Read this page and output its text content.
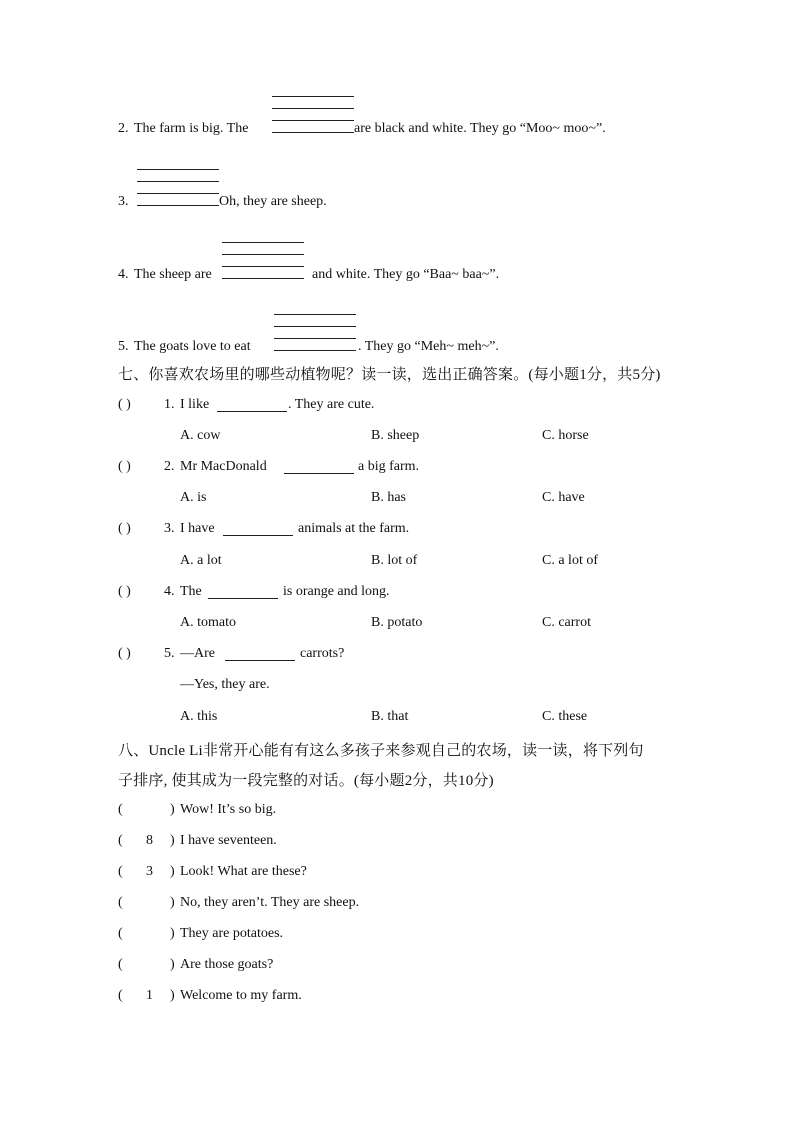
2. The farm is big. The	are black and white. They go “Moo~ moo~”.
3.	Oh, they are sheep.
4. The sheep are	and white. They go “Baa~ baa~”.
5. The goats love to eat	. They go “Meh~ meh~”.
七、你喜欢农场里的哪些动植物呢？读一读，选出正确答案。(每小题1分，共5分)
( ) 1. I like	. They are cute.
A. cow	B. sheep	C. horse
( ) 2. Mr MacDonald	a big farm.
A. is	B. has	C. have
( ) 3. I have	animals at the farm.
A. a lot	B. lot of	C. a lot of
( ) 4. The	is orange and long.
A. tomato	B. potato	C. carrot
( ) 5. —Are	carrots?
—Yes, they are.
A. this	B. that	C. these
八、Uncle Li非常开心能有有这么多孩子来参观自己的农场，读一读，将下列句
子排序, 使其成为一段完整的对话。(每小题2分，共10分)
(	) Wow! It’s so big.
( 8 ) I have seventeen.
( 3 ) Look! What are these?
(	) No, they aren’t. They are sheep.
(	) They are potatoes.
(	) Are those goats?
( 1 ) Welcome to my farm.
